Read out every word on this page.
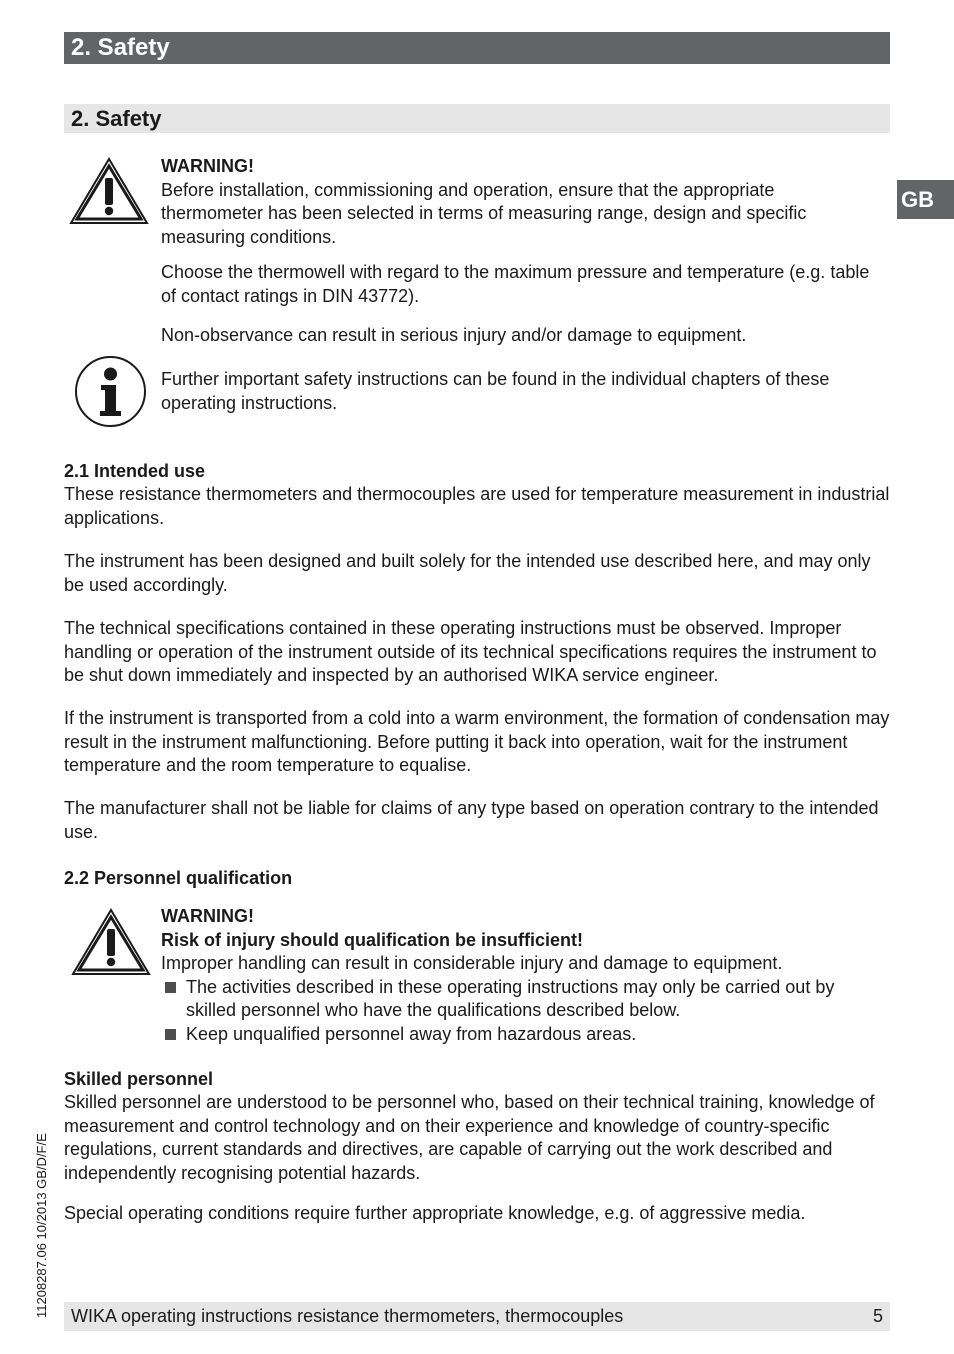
2. Safety
2. Safety
GB
WARNING!
Before installation, commissioning and operation, ensure that the appropriate thermometer has been selected in terms of measuring range, design and specific measuring conditions.
Choose the thermowell with regard to the maximum pressure and temperature (e.g. table of contact ratings in DIN 43772).
Non-observance can result in serious injury and/or damage to equipment.
Further important safety instructions can be found in the individual chapters of these operating instructions.
2.1 Intended use
These resistance thermometers and thermocouples are used for temperature measurement in industrial applications.
The instrument has been designed and built solely for the intended use described here, and may only be used accordingly.
The technical specifications contained in these operating instructions must be observed. Improper handling or operation of the instrument outside of its technical specifications requires the instrument to be shut down immediately and inspected by an authorised WIKA service engineer.
If the instrument is transported from a cold into a warm environment, the formation of condensation may result in the instrument malfunctioning. Before putting it back into operation, wait for the instrument temperature and the room temperature to equalise.
The manufacturer shall not be liable for claims of any type based on operation contrary to the intended use.
2.2 Personnel qualification
WARNING!
Risk of injury should qualification be insufficient!
Improper handling can result in considerable injury and damage to equipment.
The activities described in these operating instructions may only be carried out by skilled personnel who have the qualifications described below.
Keep unqualified personnel away from hazardous areas.
Skilled personnel
Skilled personnel are understood to be personnel who, based on their technical training, knowledge of measurement and control technology and on their experience and knowledge of country-specific regulations, current standards and directives, are capable of carrying out the work described and independently recognising potential hazards.
Special operating conditions require further appropriate knowledge, e.g. of aggressive media.
11208287.06 10/2013 GB/D/F/E	WIKA operating instructions resistance thermometers, thermocouples	5
